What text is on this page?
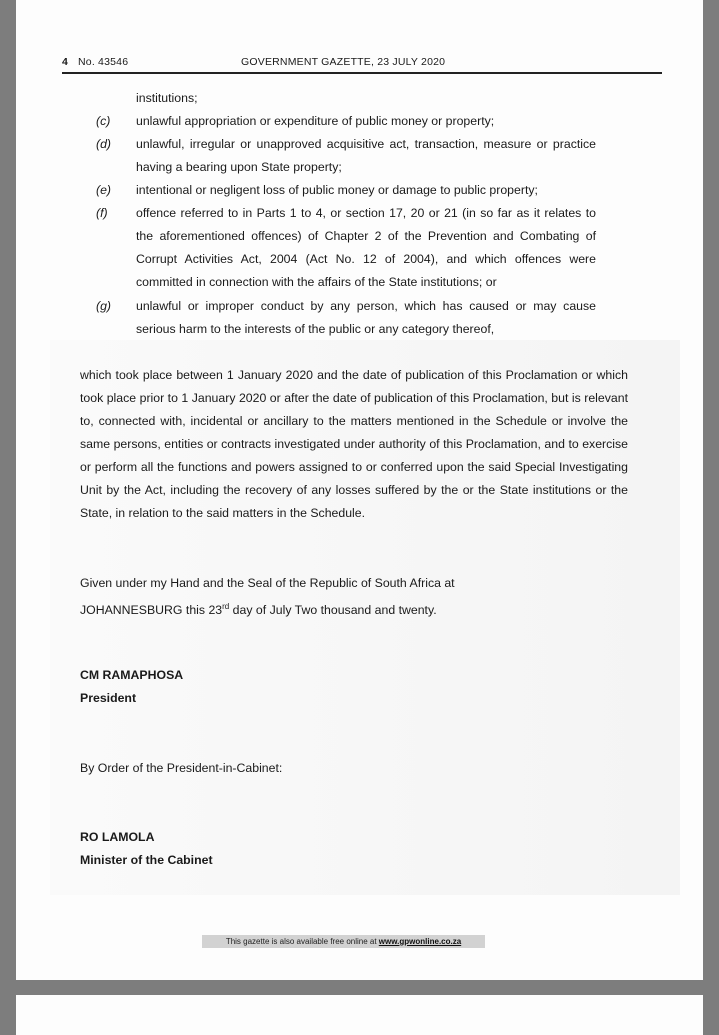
4 No. 43546	GOVERNMENT GAZETTE, 23 JULY 2020
institutions;
(c) unlawful appropriation or expenditure of public money or property;
(d) unlawful, irregular or unapproved acquisitive act, transaction, measure or practice having a bearing upon State property;
(e) intentional or negligent loss of public money or damage to public property;
(f) offence referred to in Parts 1 to 4, or section 17, 20 or 21 (in so far as it relates to the aforementioned offences) of Chapter 2 of the Prevention and Combating of Corrupt Activities Act, 2004 (Act No. 12 of 2004), and which offences were committed in connection with the affairs of the State institutions; or
(g) unlawful or improper conduct by any person, which has caused or may cause serious harm to the interests of the public or any category thereof,
which took place between 1 January 2020 and the date of publication of this Proclamation or which took place prior to 1 January 2020 or after the date of publication of this Proclamation, but is relevant to, connected with, incidental or ancillary to the matters mentioned in the Schedule or involve the same persons, entities or contracts investigated under authority of this Proclamation, and to exercise or perform all the functions and powers assigned to or conferred upon the said Special Investigating Unit by the Act, including the recovery of any losses suffered by the or the State institutions or the State, in relation to the said matters in the Schedule.
Given under my Hand and the Seal of the Republic of South Africa at
JOHANNESBURG this 23rd day of July Two thousand and twenty.
CM RAMAPHOSA
President
By Order of the President-in-Cabinet:
RO LAMOLA
Minister of the Cabinet
This gazette is also available free online at www.gpwonline.co.za
